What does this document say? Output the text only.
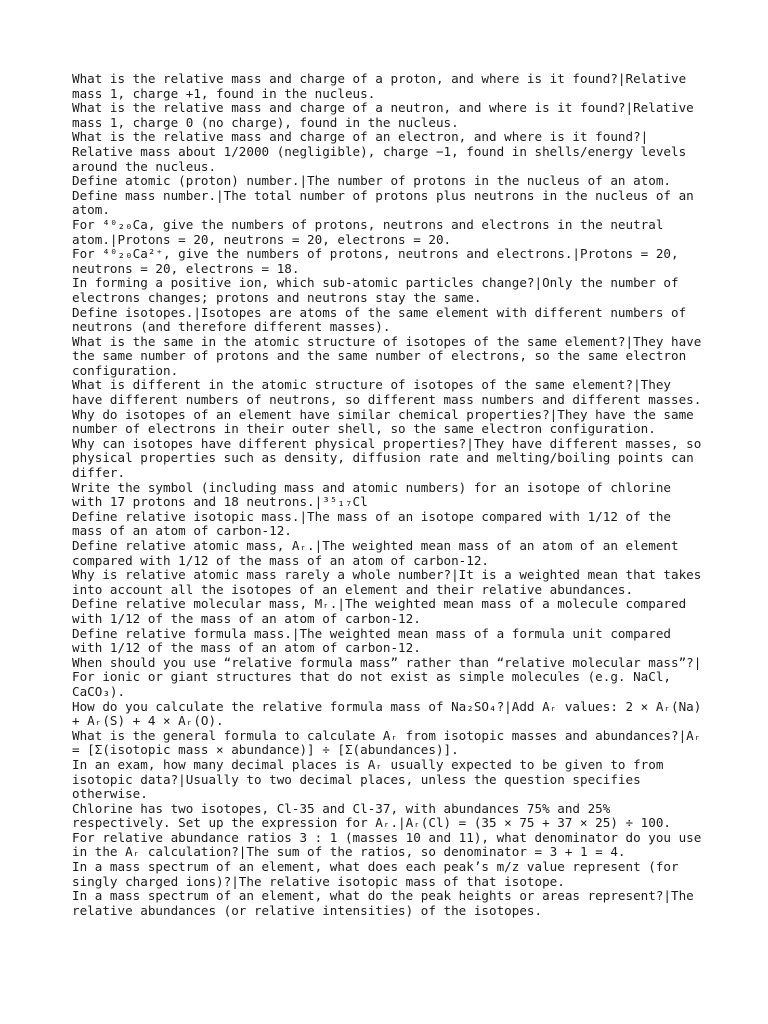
What is the relative mass and charge of a proton, and where is it found?|Relative
mass 1, charge +1, found in the nucleus.
What is the relative mass and charge of a neutron, and where is it found?|Relative
mass 1, charge 0 (no charge), found in the nucleus.
What is the relative mass and charge of an electron, and where is it found?|
Relative mass about 1/2000 (negligible), charge −1, found in shells/energy levels
around the nucleus.
Define atomic (proton) number.|The number of protons in the nucleus of an atom.
Define mass number.|The total number of protons plus neutrons in the nucleus of an
atom.
For ⁴⁰₂₀Ca, give the numbers of protons, neutrons and electrons in the neutral
atom.|Protons = 20, neutrons = 20, electrons = 20.
For ⁴⁰₂₀Ca²⁺, give the numbers of protons, neutrons and electrons.|Protons = 20,
neutrons = 20, electrons = 18.
In forming a positive ion, which sub-atomic particles change?|Only the number of
electrons changes; protons and neutrons stay the same.
Define isotopes.|Isotopes are atoms of the same element with different numbers of
neutrons (and therefore different masses).
What is the same in the atomic structure of isotopes of the same element?|They have
the same number of protons and the same number of electrons, so the same electron
configuration.
What is different in the atomic structure of isotopes of the same element?|They
have different numbers of neutrons, so different mass numbers and different masses.
Why do isotopes of an element have similar chemical properties?|They have the same
number of electrons in their outer shell, so the same electron configuration.
Why can isotopes have different physical properties?|They have different masses, so
physical properties such as density, diffusion rate and melting/boiling points can
differ.
Write the symbol (including mass and atomic numbers) for an isotope of chlorine
with 17 protons and 18 neutrons.|³⁵₁₇Cl
Define relative isotopic mass.|The mass of an isotope compared with 1/12 of the
mass of an atom of carbon-12.
Define relative atomic mass, Aᵣ.|The weighted mean mass of an atom of an element
compared with 1/12 of the mass of an atom of carbon-12.
Why is relative atomic mass rarely a whole number?|It is a weighted mean that takes
into account all the isotopes of an element and their relative abundances.
Define relative molecular mass, Mᵣ.|The weighted mean mass of a molecule compared
with 1/12 of the mass of an atom of carbon-12.
Define relative formula mass.|The weighted mean mass of a formula unit compared
with 1/12 of the mass of an atom of carbon-12.
When should you use “relative formula mass” rather than “relative molecular mass”?|
For ionic or giant structures that do not exist as simple molecules (e.g. NaCl,
CaCO₃).
How do you calculate the relative formula mass of Na₂SO₄?|Add Aᵣ values: 2 × Aᵣ(Na)
+ Aᵣ(S) + 4 × Aᵣ(O).
What is the general formula to calculate Aᵣ from isotopic masses and abundances?|Aᵣ
= [Σ(isotopic mass × abundance)] ÷ [Σ(abundances)].
In an exam, how many decimal places is Aᵣ usually expected to be given to from
isotopic data?|Usually to two decimal places, unless the question specifies
otherwise.
Chlorine has two isotopes, Cl-35 and Cl-37, with abundances 75% and 25%
respectively. Set up the expression for Aᵣ.|Aᵣ(Cl) = (35 × 75 + 37 × 25) ÷ 100.
For relative abundance ratios 3 : 1 (masses 10 and 11), what denominator do you use
in the Aᵣ calculation?|The sum of the ratios, so denominator = 3 + 1 = 4.
In a mass spectrum of an element, what does each peak’s m/z value represent (for
singly charged ions)?|The relative isotopic mass of that isotope.
In a mass spectrum of an element, what do the peak heights or areas represent?|The
relative abundances (or relative intensities) of the isotopes.
